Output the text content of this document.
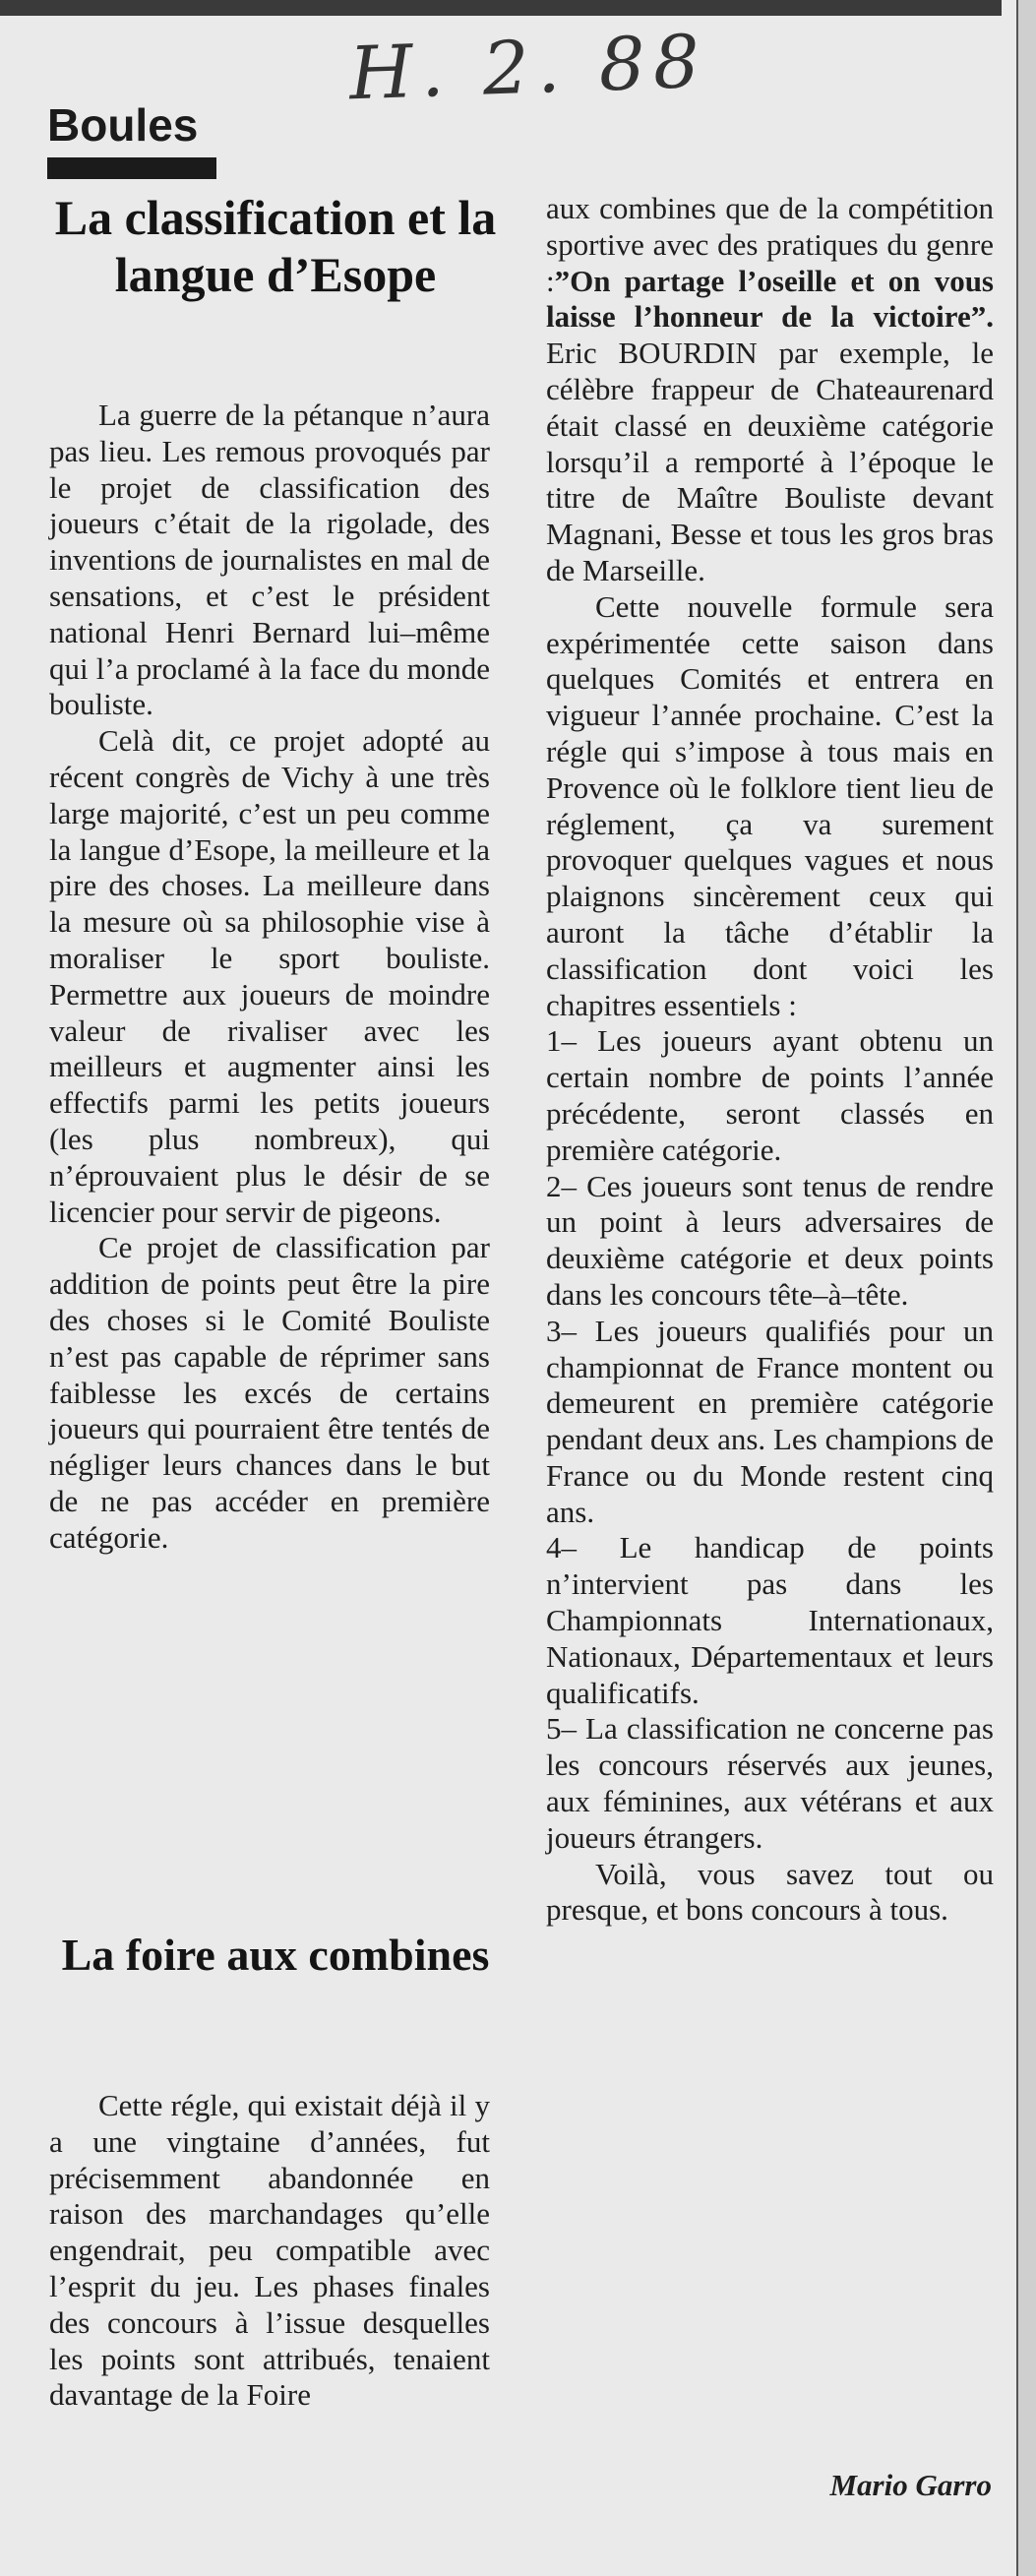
H. 2. 88
Boules
La classification et la langue d’Esope

La guerre de la pétanque n’aura pas lieu. Les remous provoqués par le projet de classification des joueurs c’était de la rigolade, des inventions de journalistes en mal de sensations, et c’est le président national Henri Bernard lui–même qui l’a proclamé à la face du monde bouliste.

Celà dit, ce projet adopté au récent congrès de Vichy à une très large majorité, c’est un peu comme la langue d’Esope, la meilleure et la pire des choses. La meilleure dans la mesure où sa philosophie vise à moraliser le sport bouliste. Permettre aux joueurs de moindre valeur de rivaliser avec les meilleurs et augmenter ainsi les effectifs parmi les petits joueurs (les plus nombreux), qui n’éprouvaient plus le désir de se licencier pour servir de pigeons.

Ce projet de classification par addition de points peut être la pire des choses si le Comité Bouliste n’est pas capable de réprimer sans faiblesse les excés de certains joueurs qui pourraient être tentés de négliger leurs chances dans le but de ne pas accéder en première catégorie.

La foire aux combines

Cette régle, qui existait déjà il y a une vingtaine d’années, fut précisemment abandonnée en raison des marchandages qu’elle engendrait, peu compatible avec l’esprit du jeu. Les phases finales des concours à l’issue desquelles les points sont attribués, tenaient davantage de la Foire

aux combines que de la compétition sportive avec des pratiques du genre :”On partage l’oseille et on vous laisse l’honneur de la victoire”. Eric BOURDIN par exemple, le célèbre frappeur de Chateaurenard était classé en deuxième catégorie lorsqu’il a remporté à l’époque le titre de Maître Bouliste devant Magnani, Besse et tous les gros bras de Marseille.

Cette nouvelle formule sera expérimentée cette saison dans quelques Comités et entrera en vigueur l’année prochaine. C’est la régle qui s’impose à tous mais en Provence où le folklore tient lieu de réglement, ça va surement provoquer quelques vagues et nous plaignons sincèrement ceux qui auront la tâche d’établir la classification dont voici les chapitres essentiels :

1– Les joueurs ayant obtenu un certain nombre de points l’année précédente, seront classés en première catégorie.

2– Ces joueurs sont tenus de rendre un point à leurs adversaires de deuxième catégorie et deux points dans les concours tête–à–tête.

3– Les joueurs qualifiés pour un championnat de France montent ou demeurent en première catégorie pendant deux ans. Les champions de France ou du Monde restent cinq ans.

4– Le handicap de points n’intervient pas dans les Championnats Internationaux, Nationaux, Départementaux et leurs qualificatifs.

5– La classification ne concerne pas les concours réservés aux jeunes, aux féminines, aux vétérans et aux joueurs étrangers.

Voilà, vous savez tout ou presque, et bons concours à tous.

Mario Garro
